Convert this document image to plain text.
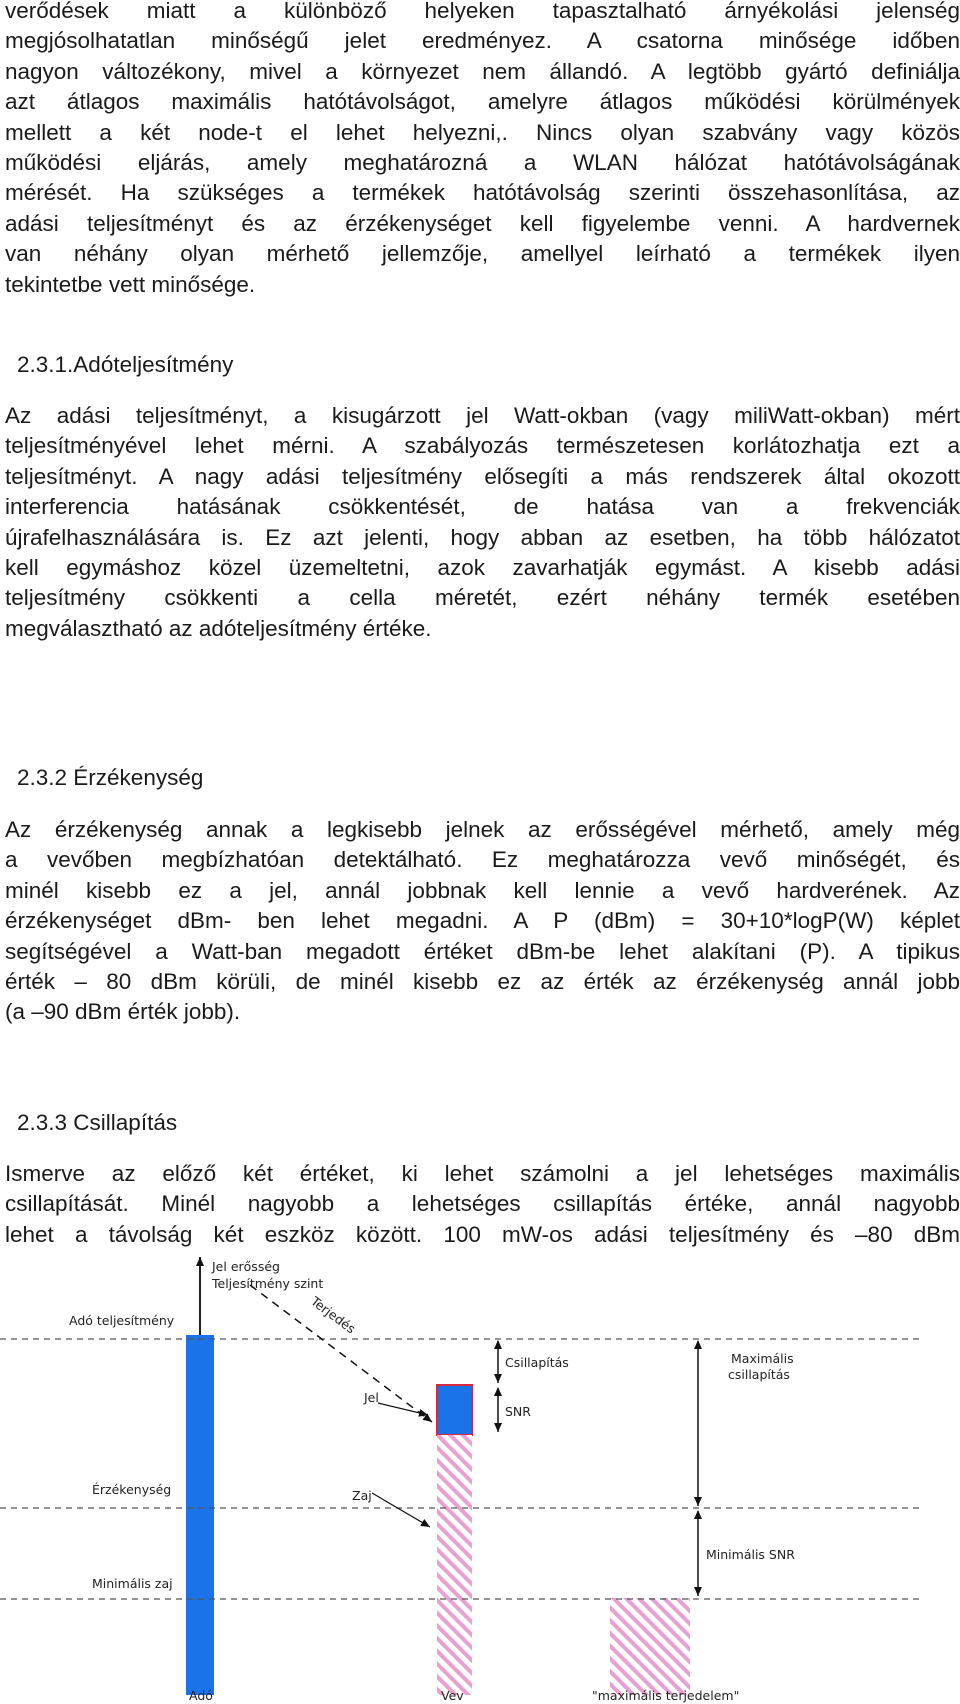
verődések miatt a különböző helyeken tapasztalható árnyékolási jelenség
megjósolhatatlan minőségű jelet eredményez. A csatorna minősége időben
nagyon változékony, mivel a környezet nem állandó. A legtöbb gyártó definiálja
azt átlagos maximális hatótávolságot, amelyre átlagos működési körülmények
mellett a két node-t el lehet helyezni,. Nincs olyan szabvány vagy közös
működési eljárás, amely meghatározná a WLAN hálózat hatótávolságának
mérését. Ha szükséges a termékek hatótávolság szerinti összehasonlítása, az
adási teljesítményt és az érzékenységet kell figyelembe venni. A hardvernek
van néhány olyan mérhető jellemzője, amellyel leírható a termékek ilyen
tekintetbe vett minősége.
2.3.1.Adóteljesítmény
Az adási teljesítményt, a kisugárzott jel Watt-okban (vagy miliWatt-okban) mért
teljesítményével lehet mérni. A szabályozás természetesen korlátozhatja ezt a
teljesítményt. A nagy adási teljesítmény elősegíti a más rendszerek által okozott
interferencia hatásának csökkentését, de hatása van a frekvenciák
újrafelhasználására is. Ez azt jelenti, hogy abban az esetben, ha több hálózatot
kell egymáshoz közel üzemeltetni, azok zavarhatják egymást. A kisebb adási
teljesítmény csökkenti a cella méretét, ezért néhány termék esetében
megválasztható az adóteljesítmény értéke.
2.3.2 Érzékenység
Az érzékenység annak a legkisebb jelnek az erősségével mérhető, amely még
a vevőben megbízhatóan detektálható. Ez meghatározza vevő minőségét, és
minél kisebb ez a jel, annál jobbnak kell lennie a vevő hardverének. Az
érzékenységet dBm- ben lehet megadni. A P (dBm) = 30+10*logP(W) képlet
segítségével a Watt-ban megadott értéket dBm-be lehet alakítani (P). A tipikus
érték – 80 dBm körüli, de minél kisebb ez az érték az érzékenység annál jobb
(a –90 dBm érték jobb).
2.3.3 Csillapítás
Ismerve az előző két értéket, ki lehet számolni a jel lehetséges maximális
csillapítását. Minél nagyobb a lehetséges csillapítás értéke, annál nagyobb
lehet a távolság két eszköz között. 100 mW-os adási teljesítmény és –80 dBm
Jel erősség
Teljesítmény szint
Adó teljesítmény	Terjedés
Csillapítás	Maximális
csillapítás
Jel
SNR
Érzékenység	Zaj
Minimális SNR
Minimális zaj
Adó	Vev	"maximális terjedelem"
